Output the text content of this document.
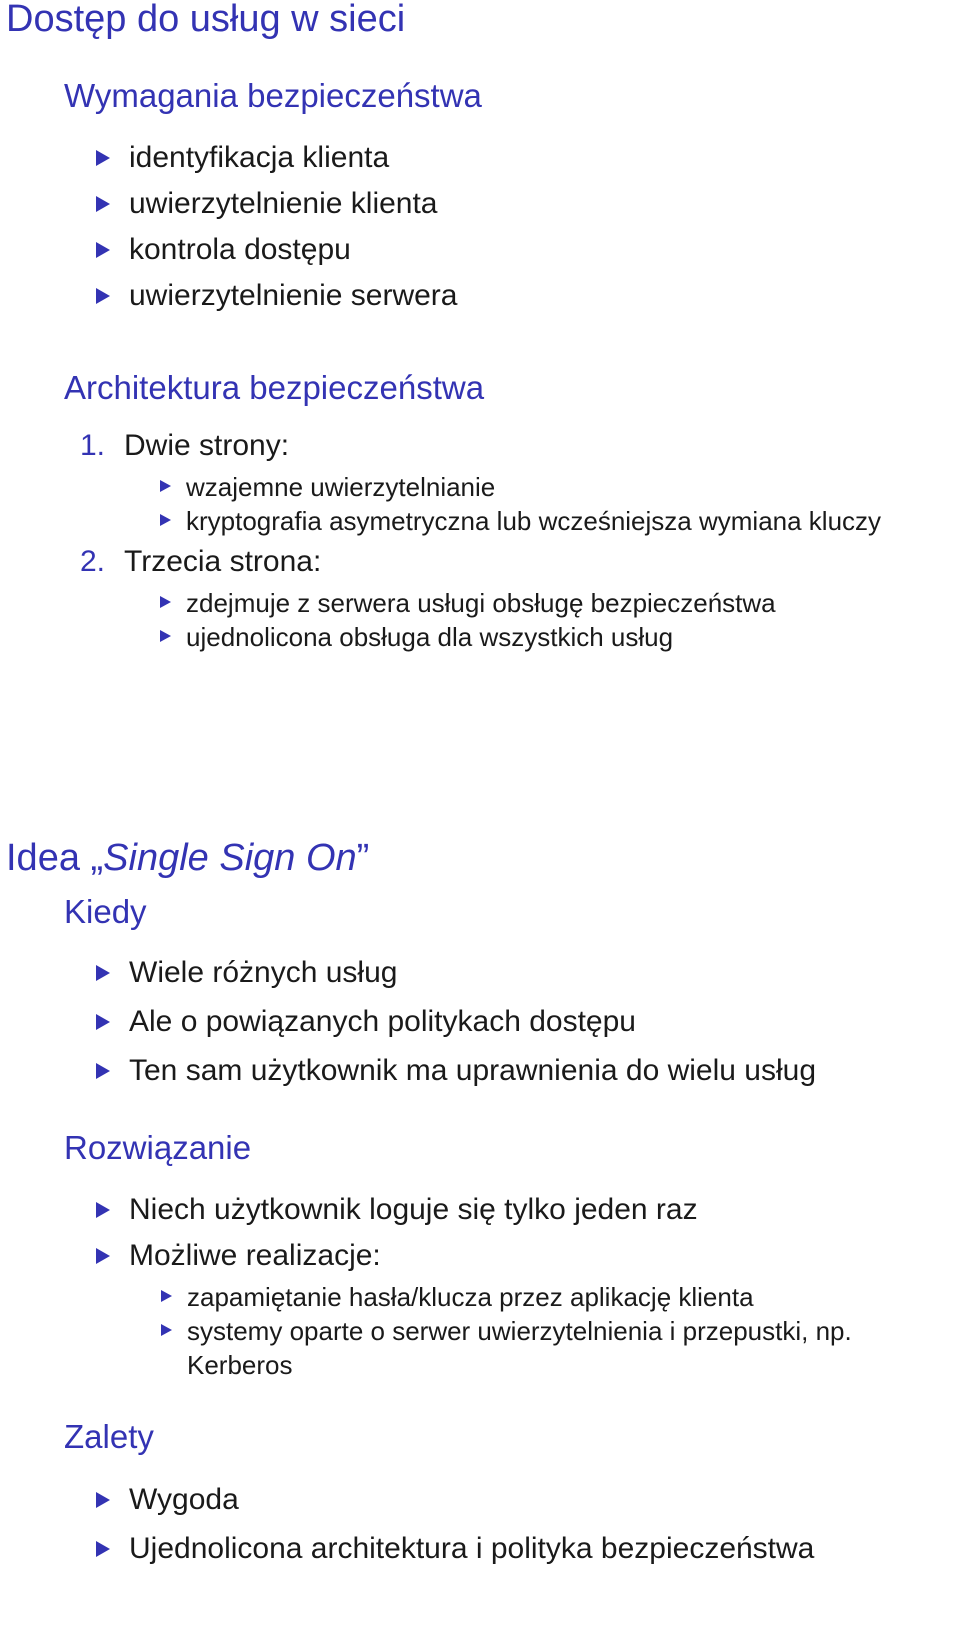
Dostęp do usług w sieci
Wymagania bezpieczeństwa
identyfikacja klienta
uwierzytelnienie klienta
kontrola dostępu
uwierzytelnienie serwera
Architektura bezpieczeństwa
1. Dwie strony:
wzajemne uwierzytelnianie
kryptografia asymetryczna lub wcześniejsza wymiana kluczy
2. Trzecia strona:
zdejmuje z serwera usługi obsługę bezpieczeństwa
ujednolicona obsługa dla wszystkich usług
Idea „Single Sign On”
Kiedy
Wiele różnych usług
Ale o powiązanych politykach dostępu
Ten sam użytkownik ma uprawnienia do wielu usług
Rozwiązanie
Niech użytkownik loguje się tylko jeden raz
Możliwe realizacje:
zapamiętanie hasła/klucza przez aplikację klienta
systemy oparte o serwer uwierzytelnienia i przepustki, np. Kerberos
Zalety
Wygoda
Ujednolicona architektura i polityka bezpieczeństwa
